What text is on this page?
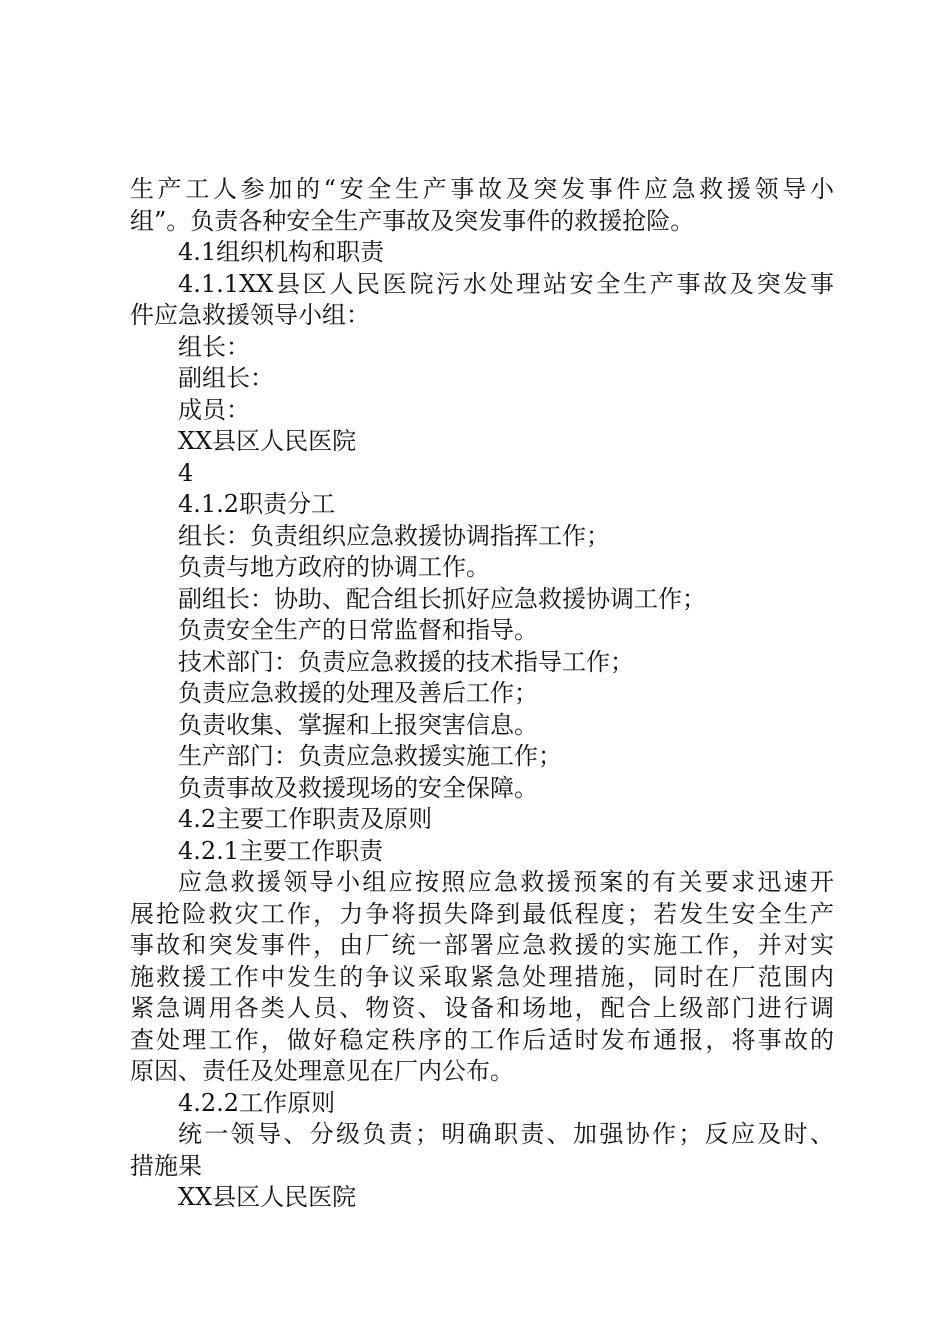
生产工人参加的“安全生产事故及突发事件应急救援领导小
组”。负责各种安全生产事故及突发事件的救援抢险。
4.1组织机构和职责
4.1.1XX县区人民医院污水处理站安全生产事故及突发事
件应急救援领导小组：
组长：
副组长：
成员：
XX县区人民医院
4
4.1.2职责分工
组长：负责组织应急救援协调指挥工作；
负责与地方政府的协调工作。
副组长：协助、配合组长抓好应急救援协调工作；
负责安全生产的日常监督和指导。
技术部门：负责应急救援的技术指导工作；
负责应急救援的处理及善后工作；
负责收集、掌握和上报突害信息。
生产部门：负责应急救援实施工作；
负责事故及救援现场的安全保障。
4.2主要工作职责及原则
4.2.1主要工作职责
应急救援领导小组应按照应急救援预案的有关要求迅速开
展抢险救灾工作，力争将损失降到最低程度；若发生安全生产
事故和突发事件，由厂统一部署应急救援的实施工作，并对实
施救援工作中发生的争议采取紧急处理措施，同时在厂范围内
紧急调用各类人员、物资、设备和场地，配合上级部门进行调
查处理工作，做好稳定秩序的工作后适时发布通报，将事故的
原因、责任及处理意见在厂内公布。
4.2.2工作原则
统一领导、分级负责；明确职责、加强协作；反应及时、
措施果
XX县区人民医院
